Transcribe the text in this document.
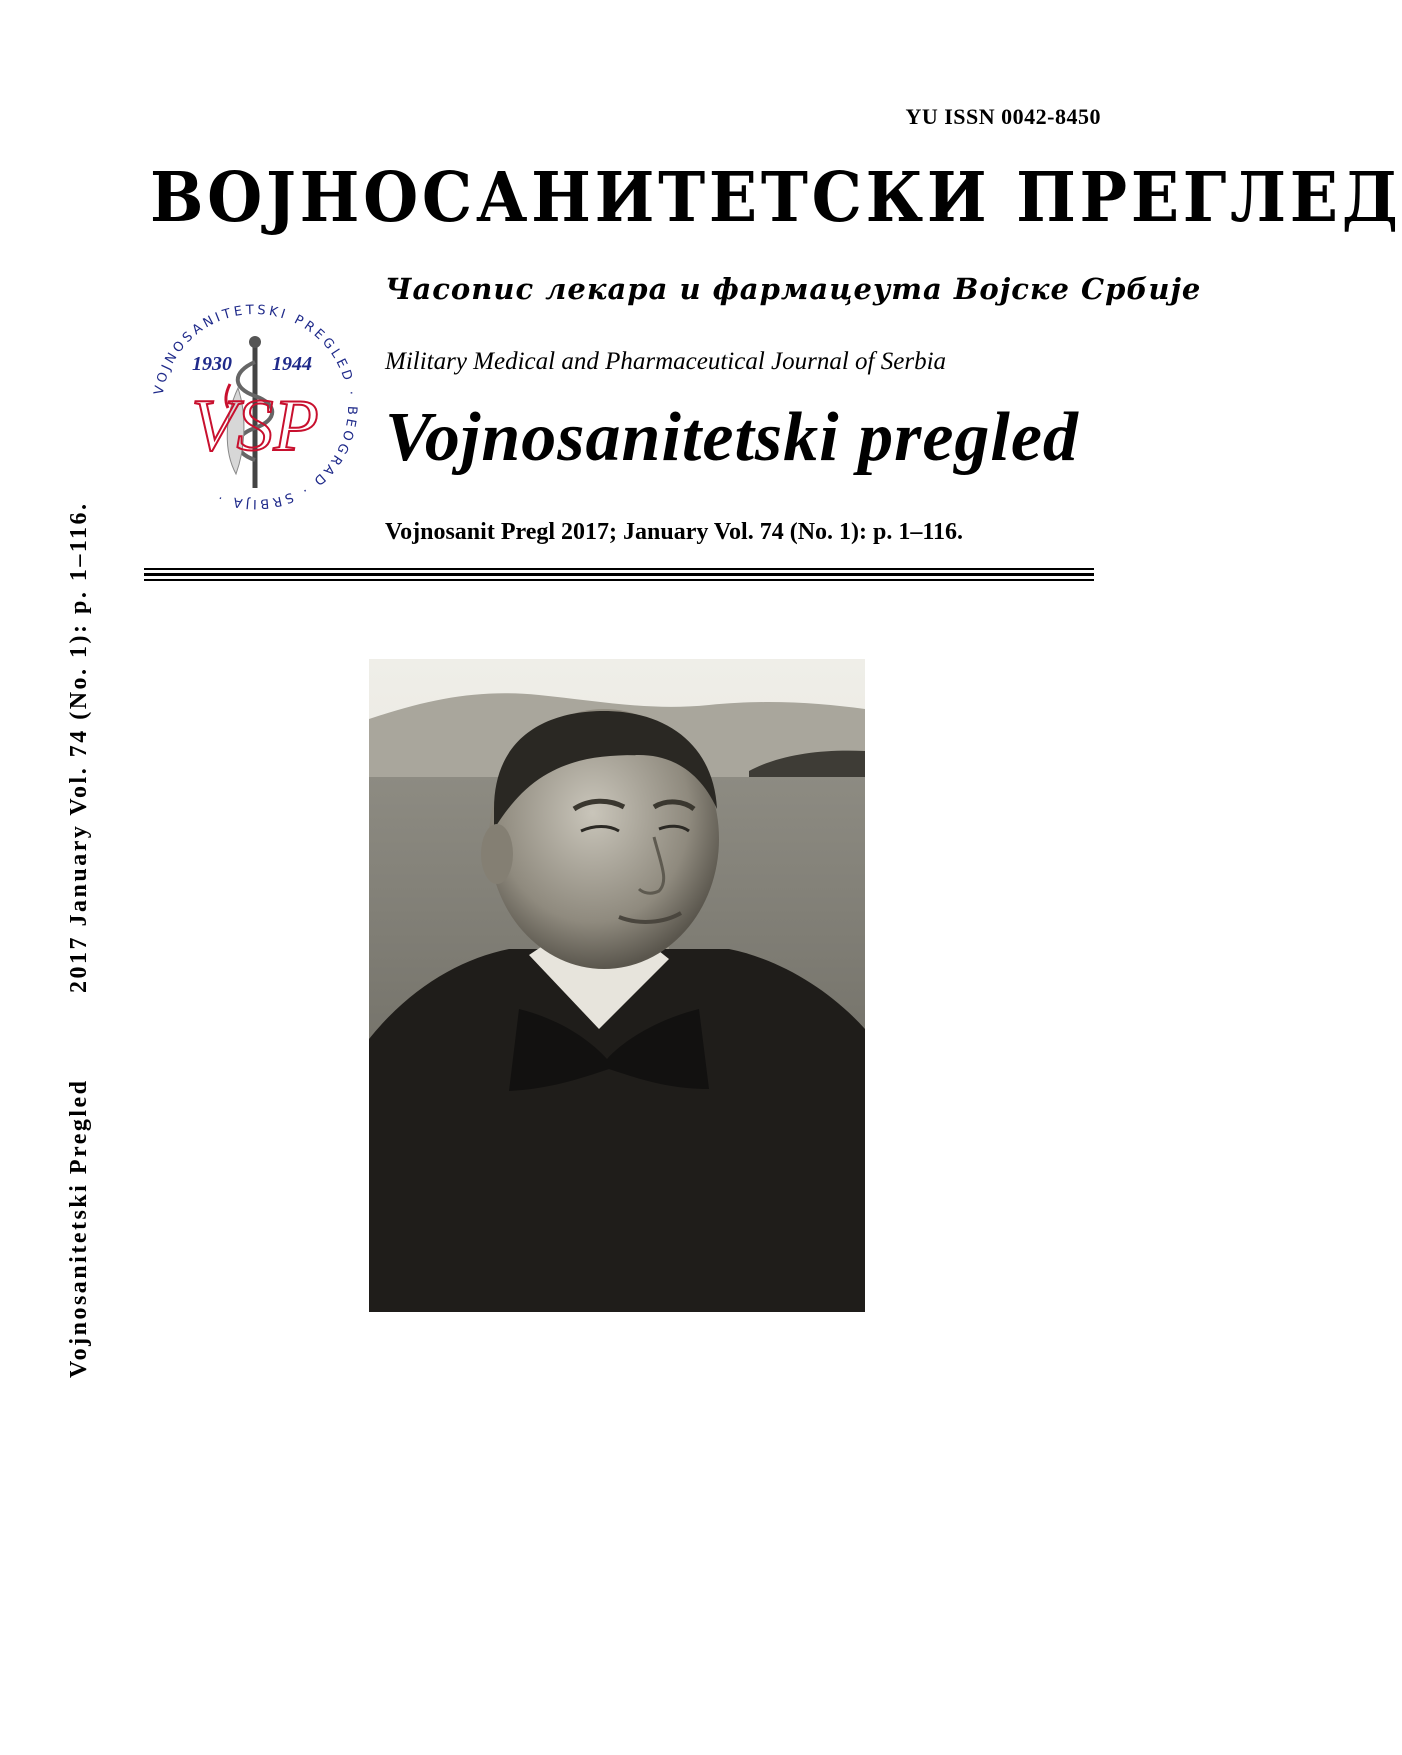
YU ISSN 0042-8450
ВОЈНОСАНИТЕТСКИ ПРЕГЛЕД
Часопис лекара и фармацеута Војске Србије
VOJNOSANITETSKI PREGLED · BEOGRAD · SRBIJA ·
1930 1944
VSP
Military Medical and Pharmaceutical Journal of Serbia
Vojnosanitetski pregled
Vojnosanit Pregl 2017; January Vol. 74 (No. 1): p. 1–116.
2017 January Vol. 74 (No. 1): p. 1–116.
Vojnosanitetski Pregled
